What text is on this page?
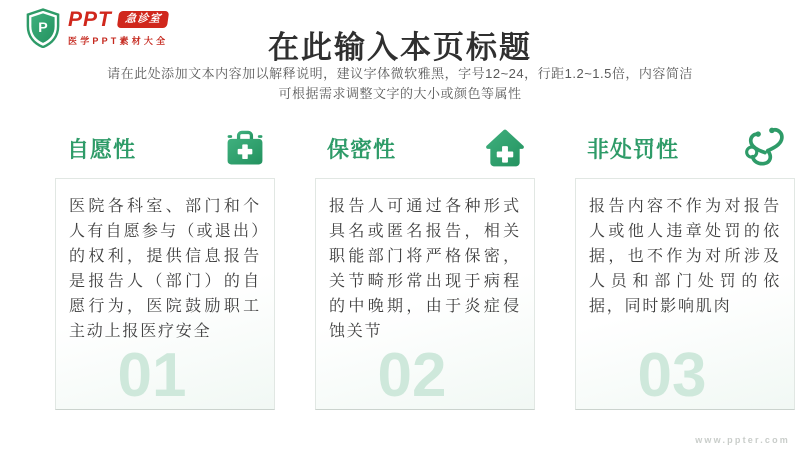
P PPT	急诊室
医学PPT素材大全	在此输入本页标题
请在此处添加文本内容加以解释说明，建议字体微软雅黑，字号12~24，行距1.2~1.5倍，内容简洁
可根据需求调整文字的大小或颜色等属性
自愿性
医院各科室、部门和个人有自愿参与（或退出）的权利，提供信息报告是报告人（部门）的自愿行为，医院鼓励职工主动上报医疗安全
01
保密性
报告人可通过各种形式具名或匿名报告，相关职能部门将严格保密，关节畸形常出现于病程的中晚期，由于炎症侵蚀关节
02
非处罚性
报告内容不作为对报告人或他人违章处罚的依据，也不作为对所涉及人员和部门处罚的依据，同时影响肌肉
03
www.ppter.com
